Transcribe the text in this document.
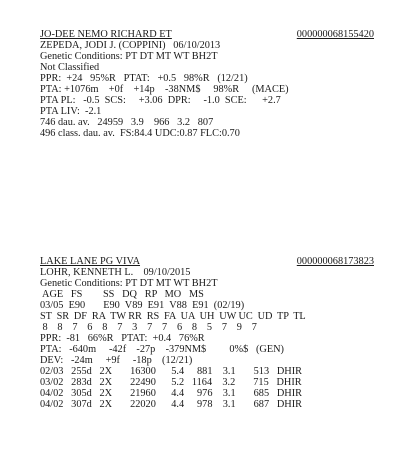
JO-DEE NEMO RICHARD ET	000000068155420
ZEPEDA, JODI J. (COPPINI)   06/10/2013
Genetic Conditions: PT DT MT WT BH2T
Not Classified
PPR:  +24   95%R   PTAT:   +0.5   98%R   (12/21)
PTA: +1076m    +0f    +14p    -38NM$     98%R     (MACE)
PTA PL:   -0.5  SCS:     +3.06  DPR:     -1.0  SCE:      +2.7
PTA LIV:  -2.1
746 dau. av.   24959   3.9    966   3.2   807
496 class. dau. av.  FS:84.4 UDC:0.87 FLC:0.70
LAKE LANE PG VIVA	000000068173823
LOHR, KENNETH L.    09/10/2015
Genetic Conditions: PT DT MT WT BH2T
AGE   FS        SS   DQ   RP   MO   MS
03/05  E90       E90  V89  E91  V88  E91  (02/19)
ST  SR  DF  RA  TW RR  RS  FA  UA  UH  UW UC  UD  TP  TL
8    8    7    6    8    7    3    7    7    6    8    5    7    9    7
PPR:  -81   66%R   PTAT:  +0.4   76%R
PTA:   -640m     -42f    -27p    -379NM$         0%$   (GEN)
DEV:   -24m     +9f     -18p    (12/21)
02/03   255d   2X       16300      5.4     881    3.1       513   DHIR
03/02   283d   2X       22490      5.2   1164    3.2       715   DHIR
04/02   305d   2X       21960      4.4     976    3.1       685   DHIR
04/02   307d   2X       22020      4.4     978    3.1       687   DHIR
